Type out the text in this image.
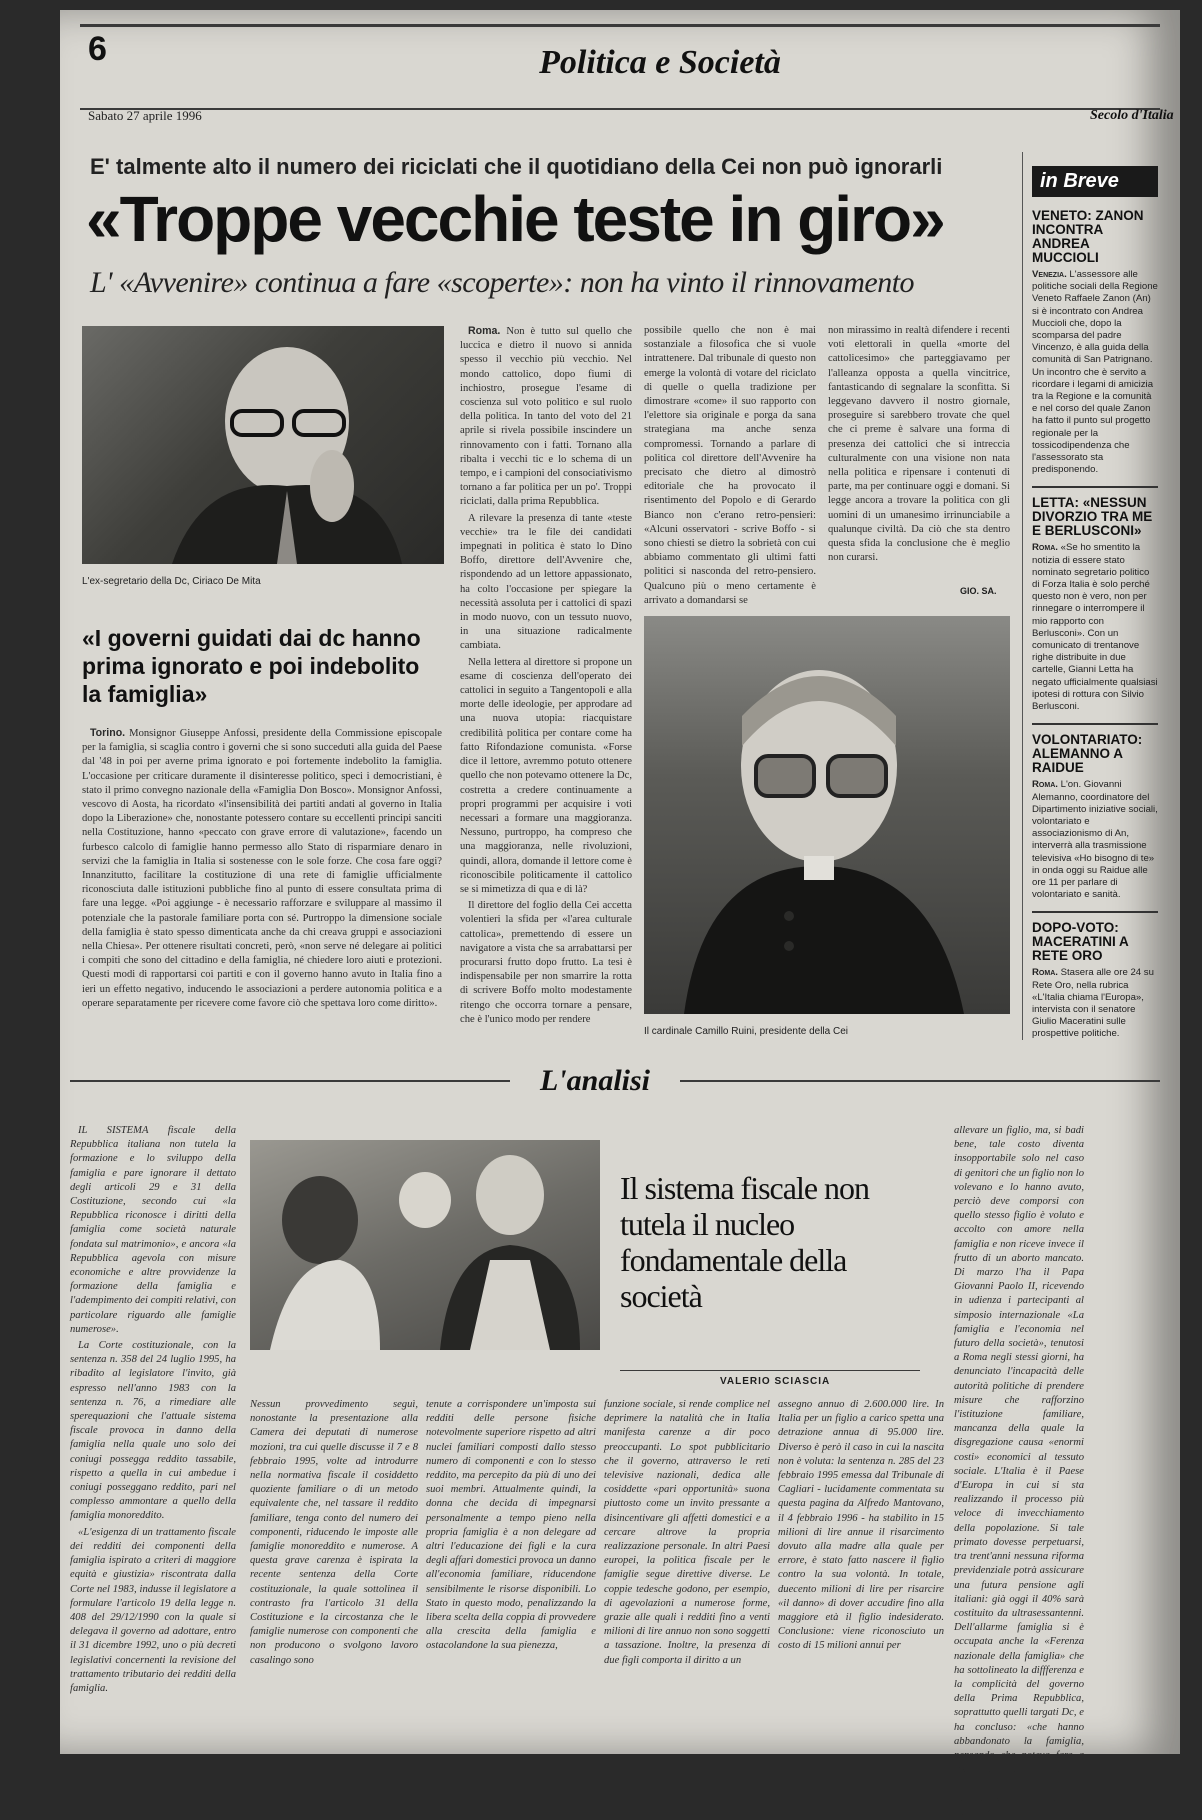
6	Politica e Società
Sabato 27 aprile 1996	Secolo d'Italia
E' talmente alto il numero dei riciclati che il quotidiano della Cei non può ignorarli
«Troppe vecchie teste in giro»
L' «Avvenire» continua a fare «scoperte»: non ha vinto il rinnovamento
L'ex-segretario della Dc, Ciriaco De Mita

Roma. Non è tutto sul quello che luccica e dietro il nuovo si annida spesso il vecchio più vecchio. Nel mondo cattolico, dopo fiumi di inchiostro, prosegue l'esame di coscienza sul voto politico e sul ruolo della politica. In tanto del voto del 21 aprile si rivela possibile inscindere un rinnovamento con i fatti. Tornano alla ribalta i vecchi tic e lo schema di un tempo, e i campioni del consociativismo tornano a far politica per un po'. Troppi riciclati, dalla prima Repubblica.

A rilevare la presenza di tante «teste vecchie» tra le file dei candidati impegnati in politica è stato lo Dino Boffo, direttore dell'Avvenire che, rispondendo ad un lettore appassionato, ha colto l'occasione per spiegare la necessità assoluta per i cattolici di spazi in modo nuovo, con un tessuto nuovo, in una situazione radicalmente cambiata.

Nella lettera al direttore si propone un esame di coscienza dell'operato dei cattolici in seguito a Tangentopoli e alla morte delle ideologie, per approdare ad una nuova utopia: riacquistare credibilità politica per contare come ha fatto Rifondazione comunista. «Forse dice il lettore, avremmo potuto ottenere quello che non potevamo ottenere la Dc, costretta a credere continuamente a propri programmi per acquisire i voti necessari a formare una maggioranza. Nessuno, purtroppo, ha compreso che una maggioranza, nelle rivoluzioni, quindi, allora, domande il lettore come è riconoscibile politicamente il cattolico se si mimetizza di qua e di là?

Il direttore del foglio della Cei accetta volentieri la sfida per «l'area culturale cattolica», premettendo di essere un navigatore a vista che sa arrabattarsi per procurarsi frutto dopo frutto. La tesi è indispensabile per non smarrire la rotta di scrivere Boffo molto modestamente ritengo che occorra tornare a pensare, che è l'unico modo per rendere

possibile quello che non è mai sostanziale a filosofica che si vuole intrattenere. Dal tribunale di questo non emerge la volontà di votare del riciclato di quelle o quella tradizione per dimostrare «come» il suo rapporto con l'elettore sia originale e porga da sana strategiana ma anche senza compromessi. Tornando a parlare di politica col direttore dell'Avvenire ha precisato che dietro al dimostrò editoriale che ha provocato il risentimento del Popolo e di Gerardo Bianco non c'erano retro-pensieri: «Alcuni osservatori - scrive Boffo - si sono chiesti se dietro la sobrietà con cui abbiamo commentato gli ultimi fatti politici si nasconda del retro-pensiero. Qualcuno più o meno certamente è arrivato a domandarsi se
non mirassimo in realtà difendere i recenti voti elettorali in quella «morte del cattolicesimo» che parteggiavamo per l'alleanza opposta a quella vincitrice, fantasticando di segnalare la sconfitta. Si leggevano davvero il nostro giornale, proseguire si sarebbero trovate che quel che ci preme è salvare una forma di presenza dei cattolici che si intreccia culturalmente con una visione non nata nella politica e ripensare i contenuti di parte, ma per continuare oggi e domani. Si legge ancora a trovare la politica con gli uomini di un umanesimo irrinunciabile a qualunque civiltà. Da ciò che sta dentro questa sfida la conclusione che è meglio non curarsi.
GIO. SA.
Il cardinale Camillo Ruini, presidente della Cei
«I governi guidati dai dc hanno prima ignorato e poi indebolito la famiglia»

Torino. Monsignor Giuseppe Anfossi, presidente della Commissione episcopale per la famiglia, si scaglia contro i governi che si sono succeduti alla guida del Paese dal '48 in poi per averne prima ignorato e poi fortemente indebolito la famiglia. L'occasione per criticare duramente il disinteresse politico, speci i democristiani, è stato il primo convegno nazionale della «Famiglia Don Bosco». Monsignor Anfossi, vescovo di Aosta, ha ricordato «l'insensibilità dei partiti andati al governo in Italia dopo la Liberazione» che, nonostante potessero contare su eccellenti principi sanciti nella Costituzione, hanno «peccato con grave errore di valutazione», facendo un furbesco calcolo di famiglie hanno permesso allo Stato di risparmiare denaro in servizi che la famiglia in Italia si sostenesse con le sole forze. Che cosa fare oggi? Innanzitutto, facilitare la costituzione di una rete di famiglie ufficialmente riconosciuta dalle istituzioni pubbliche fino al punto di essere consultata prima di fare una legge. «Poi aggiunge - è necessario rafforzare e sviluppare al massimo il potenziale che la pastorale familiare porta con sé. Purtroppo la dimensione sociale della famiglia è stato spesso dimenticata anche da chi creava gruppi e associazioni nella Chiesa». Per ottenere risultati concreti, però, «non serve né delegare ai politici i compiti che sono del cittadino e della famiglia, né chiedere loro aiuti e protezioni. Questi modi di rapportarsi coi partiti e con il governo hanno avuto in Italia fino a ieri un effetto negativo, inducendo le associazioni a perdere autonomia politica e a operare separatamente per ricevere come favore ciò che spettava loro come diritto».

in Breve
VENETO: ZANON INCONTRA ANDREA MUCCIOLI
Venezia. L'assessore alle politiche sociali della Regione Veneto Raffaele Zanon (An) si è incontrato con Andrea Muccioli che, dopo la scomparsa del padre Vincenzo, è alla guida della comunità di San Patrignano. Un incontro che è servito a ricordare i legami di amicizia tra la Regione e la comunità e nel corso del quale Zanon ha fatto il punto sul progetto regionale per la tossicodipendenza che l'assessorato sta predisponendo.
LETTA: «NESSUN DIVORZIO TRA ME E BERLUSCONI»
Roma. «Se ho smentito la notizia di essere stato nominato segretario politico di Forza Italia è solo perché questo non è vero, non per rinnegare o interrompere il mio rapporto con Berlusconi». Con un comunicato di trentanove righe distribuite in due cartelle, Gianni Letta ha negato ufficialmente qualsiasi ipotesi di rottura con Silvio Berlusconi.
VOLONTARIATO: ALEMANNO A RAIDUE
Roma. L'on. Giovanni Alemanno, coordinatore del Dipartimento iniziative sociali, volontariato e associazionismo di An, interverrà alla trasmissione televisiva «Ho bisogno di te» in onda oggi su Raidue alle ore 11 per parlare di volontariato e sanità.
DOPO-VOTO: MACERATINI A RETE ORO
Roma. Stasera alle ore 24 su Rete Oro, nella rubrica «L'Italia chiama l'Europa», intervista con il senatore Giulio Maceratini sulle prospettive politiche.
L'analisi

IL SISTEMA fiscale della Repubblica italiana non tutela la formazione e lo sviluppo della famiglia e pare ignorare il dettato degli articoli 29 e 31 della Costituzione, secondo cui «la Repubblica riconosce i diritti della famiglia come società naturale fondata sul matrimonio», e ancora «la Repubblica agevola con misure economiche e altre provvidenze la formazione della famiglia e l'adempimento dei compiti relativi, con particolare riguardo alle famiglie numerose».

La Corte costituzionale, con la sentenza n. 358 del 24 luglio 1995, ha ribadito al legislatore l'invito, già espresso nell'anno 1983 con la sentenza n. 76, a rimediare alle sperequazioni che l'attuale sistema fiscale provoca in danno della famiglia nella quale uno solo dei coniugi possegga reddito tassabile, rispetto a quella in cui ambedue i coniugi posseggano reddito, pari nel complesso ammontare a quello della famiglia monoreddito.

«L'esigenza di un trattamento fiscale dei redditi dei componenti della famiglia ispirato a criteri di maggiore equità e giustizia» riscontrata dalla Corte nel 1983, indusse il legislatore a formulare l'articolo 19 della legge n. 408 del 29/12/1990 con la quale si delegava il governo ad adottare, entro il 31 dicembre 1992, uno o più decreti legislativi concernenti la revisione del trattamento tributario dei redditi della famiglia.

Il sistema fiscale non tutela il nucleo fondamentale della società
VALERIO SCIASCIA
Nessun provvedimento seguì, nonostante la presentazione alla Camera dei deputati di numerose mozioni, tra cui quelle discusse il 7 e 8 febbraio 1995, volte ad introdurre nella normativa fiscale il cosiddetto quoziente familiare o di un metodo equivalente che, nel tassare il reddito familiare, tenga conto del numero dei componenti, riducendo le imposte alle famiglie monoreddito e numerose. A questa grave carenza è ispirata la recente sentenza della Corte costituzionale, la quale sottolinea il contrasto fra l'articolo 31 della Costituzione e la circostanza che le famiglie numerose con componenti che non producono o svolgono lavoro casalingo sono
tenute a corrispondere un'imposta sui redditi delle persone fisiche notevolmente superiore rispetto ad altri nuclei familiari composti dallo stesso numero di componenti e con lo stesso reddito, ma percepito da più di uno dei suoi membri. Attualmente quindi, la donna che decida di impegnarsi personalmente a tempo pieno nella propria famiglia è a non delegare ad altri l'educazione dei figli e la cura degli affari domestici provoca un danno all'economia familiare, riducendone sensibilmente le risorse disponibili. Lo Stato in questo modo, penalizzando la libera scelta della coppia di provvedere alla crescita della famiglia e ostacolandone la sua pienezza,
funzione sociale, si rende complice nel deprimere la natalità che in Italia manifesta carenze a dir poco preoccupanti. Lo spot pubblicitario che il governo, attraverso le reti televisive nazionali, dedica alle cosiddette «pari opportunità» suona piuttosto come un invito pressante a disincentivare gli affetti domestici e a cercare altrove la propria realizzazione personale. In altri Paesi europei, la politica fiscale per le famiglie segue direttive diverse. Le coppie tedesche godono, per esempio, di agevolazioni a numerose forme, grazie alle quali i redditi fino a venti milioni di lire annuo non sono soggetti a tassazione. Inoltre, la presenza di due figli comporta il diritto a un
assegno annuo di 2.600.000 lire. In Italia per un figlio a carico spetta una detrazione annua di 95.000 lire. Diverso è però il caso in cui la nascita non è voluta: la sentenza n. 285 del 23 febbraio 1995 emessa dal Tribunale di Cagliari - lucidamente commentata su questa pagina da Alfredo Mantovano, il 4 febbraio 1996 - ha stabilito in 15 milioni di lire annue il risarcimento dovuto alla madre alla quale per errore, è stato fatto nascere il figlio contro la sua volontà. In totale, duecento milioni di lire per risarcire «il danno» di dover accudire fino alla maggiore età il figlio indesiderato. Conclusione: viene riconosciuto un costo di 15 milioni annui per
allevare un figlio, ma, si badi bene, tale costo diventa insopportabile solo nel caso di genitori che un figlio non lo volevano e lo hanno avuto, perciò deve comporsi con quello stesso figlio è voluto e accolto con amore nella famiglia e non riceve invece il frutto di un aborto mancato. Di marzo l'ha il Papa Giovanni Paolo II, ricevendo in udienza i partecipanti al simposio internazionale «La famiglia e l'economia nel futuro della società», tenutosi a Roma negli stessi giorni, ha denunciato l'incapacità delle autorità politiche di prendere misure che rafforzino l'istituzione familiare, mancanza della quale la disgregazione causa «enormi costi» economici al tessuto sociale. L'Italia è il Paese d'Europa in cui si sta realizzando il processo più veloce di invecchiamento della popolazione. Si tale primato dovesse perpetuarsi, tra trent'anni nessuna riforma previdenziale potrà assicurare una futura pensione agli italiani: già oggi il 40% sarà costituito da ultrasessantenni. Dell'allarme famiglia si è occupata anche la «Ferenza nazionale della famiglia» che ha sottolineato la diffferenza e la complicità del governo della Prima Repubblica, soprattutto quelli targati Dc, e ha concluso: «che hanno abbandonato la famiglia, pensando che poteva fare a meno dello Stato». Il vescovo ha lanciato la proposta di recuperare il ruolo sociale della famiglia.
